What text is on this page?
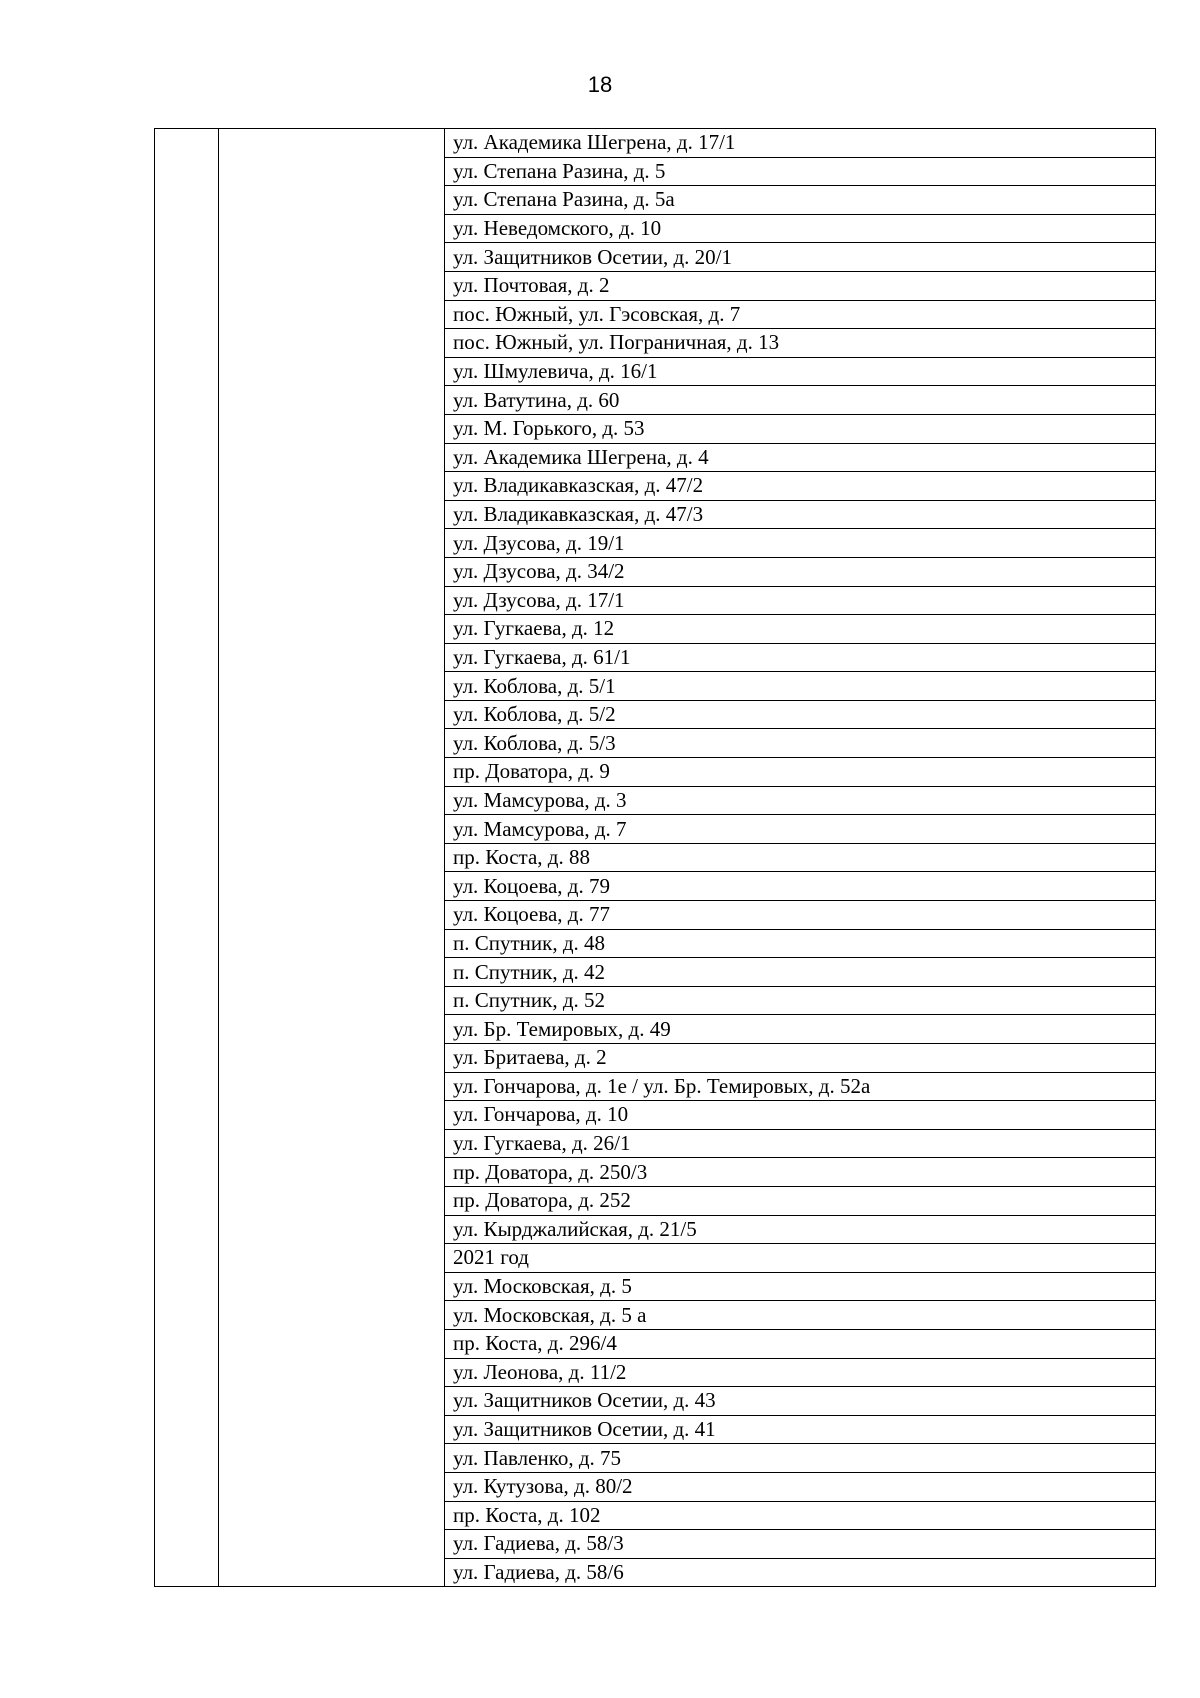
18
		ул. Академика Шегрена, д. 17/1
ул. Степана Разина, д. 5
ул. Степана Разина, д. 5а
ул. Неведомского, д. 10
ул. Защитников Осетии, д. 20/1
ул. Почтовая, д. 2
пос. Южный, ул. Гэсовская, д. 7
пос. Южный, ул. Пограничная, д. 13
ул. Шмулевича, д. 16/1
ул. Ватутина, д. 60
ул. М. Горького, д. 53
ул. Академика Шегрена, д. 4
ул. Владикавказская, д. 47/2
ул. Владикавказская, д. 47/3
ул. Дзусова, д. 19/1
ул. Дзусова, д. 34/2
ул. Дзусова, д. 17/1
ул. Гугкаева, д. 12
ул. Гугкаева, д. 61/1
ул. Коблова, д. 5/1
ул. Коблова, д. 5/2
ул. Коблова, д. 5/3
пр. Доватора, д. 9
ул. Мамсурова, д. 3
ул. Мамсурова, д. 7
пр. Коста, д. 88
ул. Коцоева, д. 79
ул. Коцоева, д. 77
п. Спутник, д. 48
п. Спутник, д. 42
п. Спутник, д. 52
ул. Бр. Темировых, д. 49
ул. Бритаева, д. 2
ул. Гончарова, д. 1е / ул. Бр. Темировых, д. 52а
ул. Гончарова, д. 10
ул. Гугкаева, д. 26/1
пр. Доватора, д. 250/3
пр. Доватора, д. 252
ул. Кырджалийская, д. 21/5
2021 год
ул. Московская, д. 5
ул. Московская, д. 5 а
пр. Коста, д. 296/4
ул. Леонова, д. 11/2
ул. Защитников Осетии, д. 43
ул. Защитников Осетии, д. 41
ул. Павленко, д. 75
ул. Кутузова, д. 80/2
пр. Коста, д. 102
ул. Гадиева, д. 58/3
ул. Гадиева, д. 58/6
